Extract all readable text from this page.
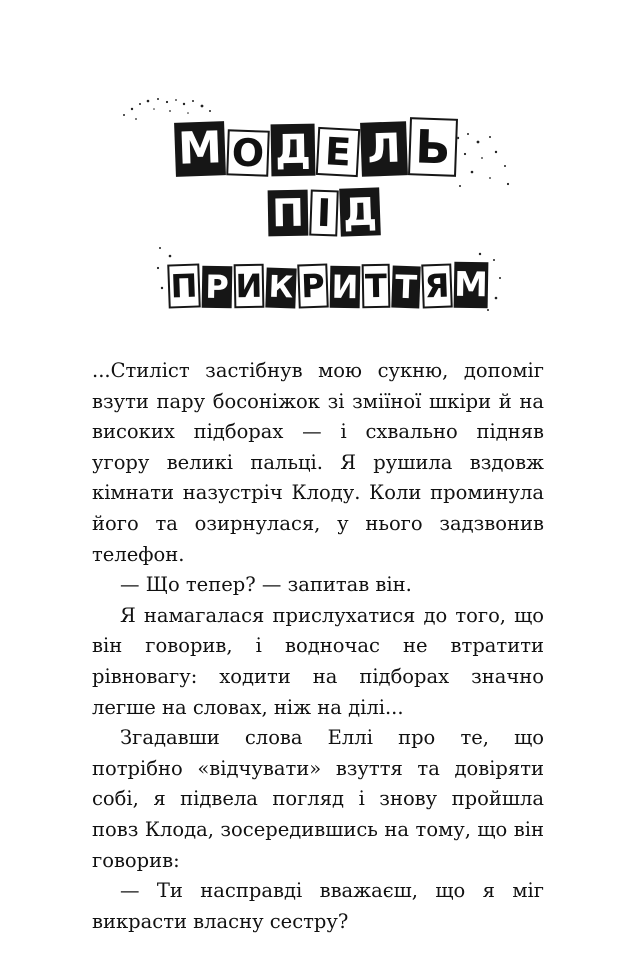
М О Д Е Л Ь
П І Д
П Р И К Р И Т Т Я М

...Стиліст застібнув мою сукню, допоміг взути пару босоніжок зі зміїної шкіри й на високих підборах — і схвально підняв угору великі пальці. Я рушила вздовж кімнати назустріч Клоду. Коли проминула його та озирнулася, у нього задзвонив телефон.

— Що тепер? — запитав він.

Я намагалася прислухатися до того, що він говорив, і водночас не втратити рівновагу: ходити на підборах значно легше на словах, ніж на ділі...

Згадавши слова Еллі про те, що потрібно «відчувати» взуття та довіряти собі, я підвела погляд і знову пройшла повз Клода, зосередившись на тому, що він говорив:

— Ти насправді вважаєш, що я міг викрасти власну сестру?
